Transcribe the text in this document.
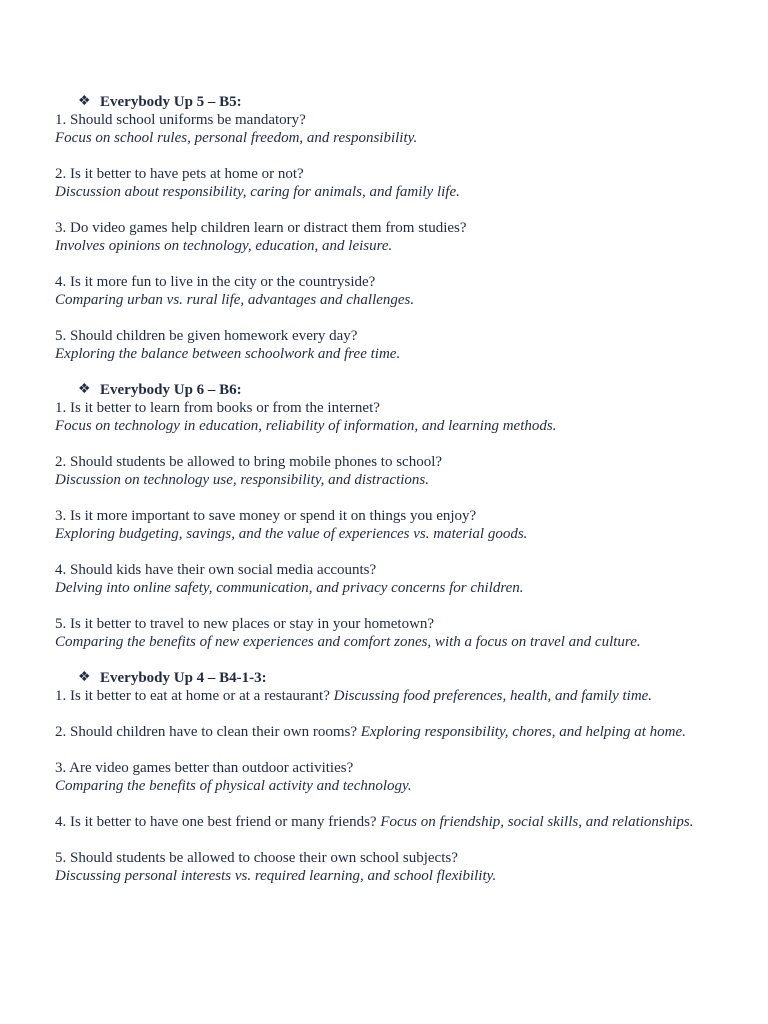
❖ Everybody Up 5 – B5:
1. Should school uniforms be mandatory?
Focus on school rules, personal freedom, and responsibility.
2. Is it better to have pets at home or not?
Discussion about responsibility, caring for animals, and family life.
3. Do video games help children learn or distract them from studies?
Involves opinions on technology, education, and leisure.
4. Is it more fun to live in the city or the countryside?
Comparing urban vs. rural life, advantages and challenges.
5. Should children be given homework every day?
Exploring the balance between schoolwork and free time.
❖ Everybody Up 6 – B6:
1. Is it better to learn from books or from the internet?
Focus on technology in education, reliability of information, and learning methods.
2. Should students be allowed to bring mobile phones to school?
Discussion on technology use, responsibility, and distractions.
3. Is it more important to save money or spend it on things you enjoy?
Exploring budgeting, savings, and the value of experiences vs. material goods.
4. Should kids have their own social media accounts?
Delving into online safety, communication, and privacy concerns for children.
5. Is it better to travel to new places or stay in your hometown?
Comparing the benefits of new experiences and comfort zones, with a focus on travel and culture.
❖ Everybody Up 4 – B4-1-3:
1. Is it better to eat at home or at a restaurant? Discussing food preferences, health, and family time.
2. Should children have to clean their own rooms? Exploring responsibility, chores, and helping at home.
3. Are video games better than outdoor activities?
Comparing the benefits of physical activity and technology.
4. Is it better to have one best friend or many friends? Focus on friendship, social skills, and relationships.
5. Should students be allowed to choose their own school subjects?
Discussing personal interests vs. required learning, and school flexibility.
